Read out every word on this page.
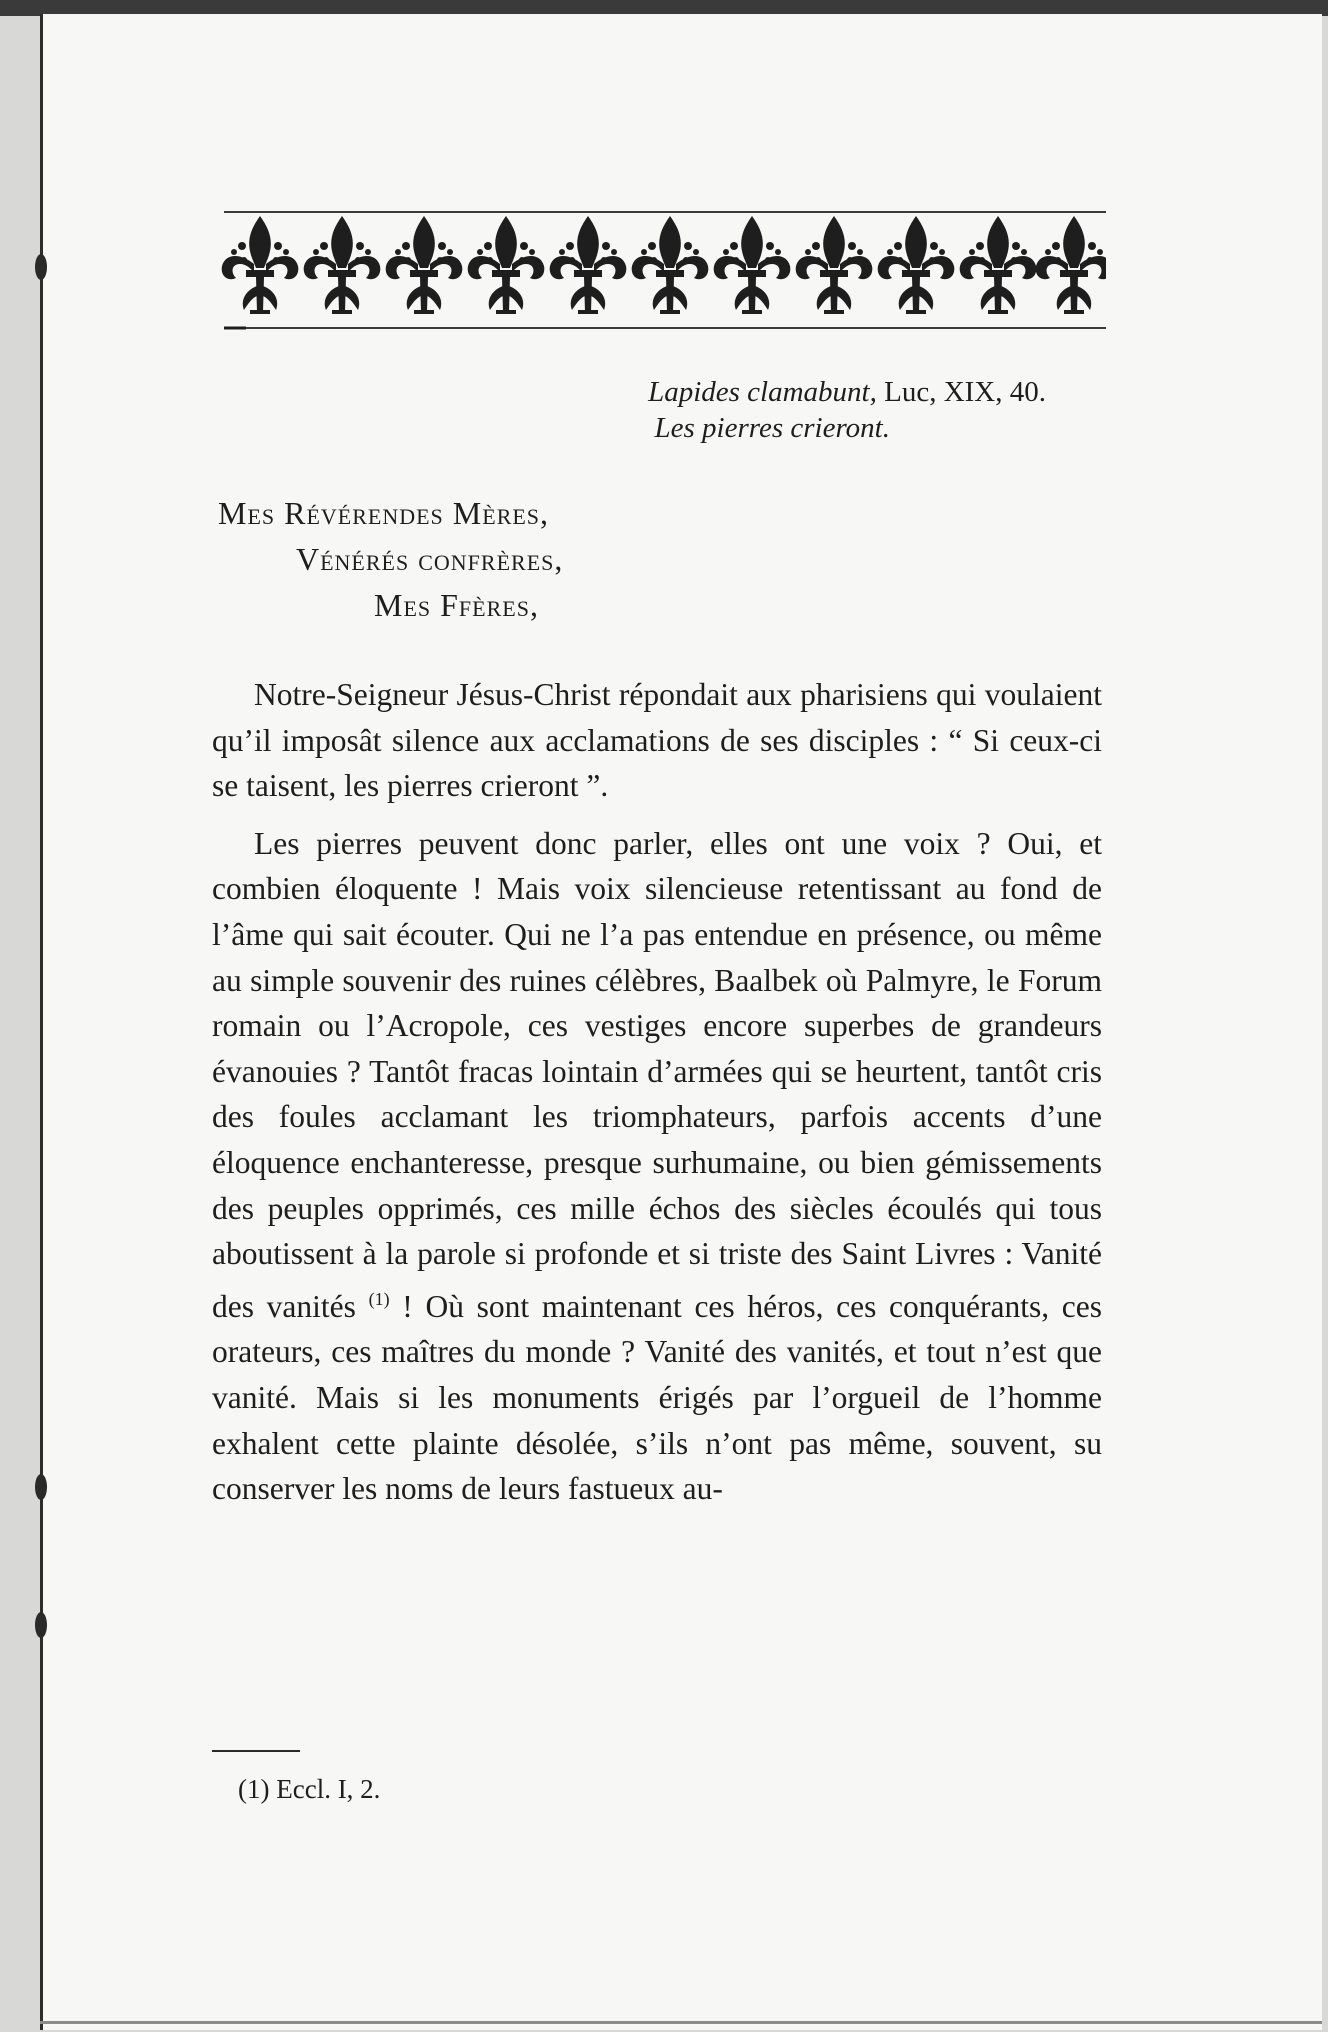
Lapides clamabunt, Luc, XIX, 40.
Les pierres crieront.
Mes Révérendes Mères,
Vénérés confrères,
Mes Ffères,

Notre-Seigneur Jésus-Christ répondait aux pharisiens qui voulaient qu’il imposât silence aux acclamations de ses disciples : “ Si ceux-ci se taisent, les pierres crieront ”.

Les pierres peuvent donc parler, elles ont une voix ? Oui, et combien éloquente ! Mais voix silencieuse retentissant au fond de l’âme qui sait écouter. Qui ne l’a pas entendue en présence, ou même au simple souvenir des ruines célèbres, Baalbek où Palmyre, le Forum romain ou l’Acropole, ces vestiges encore superbes de grandeurs évanouies ? Tantôt fracas lointain d’armées qui se heurtent, tantôt cris des foules acclamant les triomphateurs, parfois accents d’une éloquence enchanteresse, presque surhumaine, ou bien gémissements des peuples opprimés, ces mille échos des siècles écoulés qui tous aboutissent à la parole si profonde et si triste des Saint Livres : Vanité des vanités $^{(1)}$ ! Où sont maintenant ces héros, ces conquérants, ces orateurs, ces maîtres du monde ? Vanité des vanités, et tout n’est que vanité. Mais si les monuments érigés par l’orgueil de l’homme exhalent cette plainte désolée, s’ils n’ont pas même, souvent, su conserver les noms de leurs fastueux au-

(1) Eccl. I, 2.
